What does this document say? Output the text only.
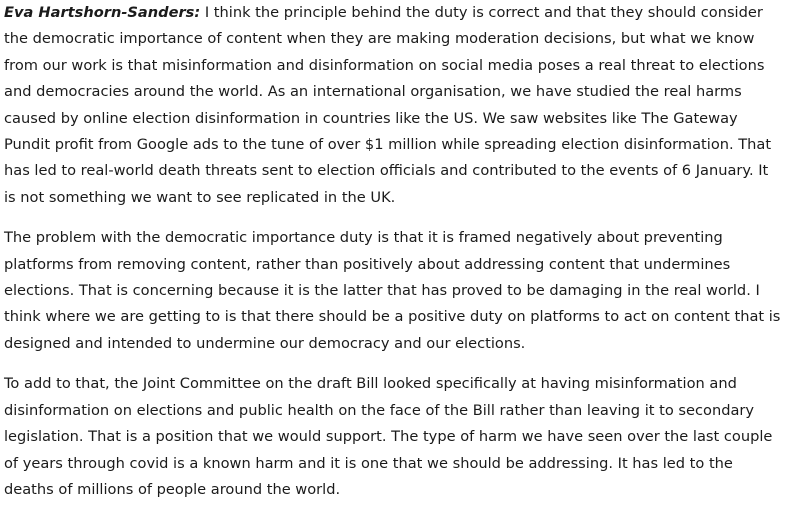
Eva Hartshorn-Sanders: I think the principle behind the duty is correct and that they should consider the democratic importance of content when they are making moderation decisions, but what we know from our work is that misinformation and disinformation on social media poses a real threat to elections and democracies around the world. As an international organisation, we have studied the real harms caused by online election disinformation in countries like the US. We saw websites like The Gateway Pundit profit from Google ads to the tune of over $1 million while spreading election disinformation. That has led to real-world death threats sent to election officials and contributed to the events of 6 January. It is not something we want to see replicated in the UK.

The problem with the democratic importance duty is that it is framed negatively about preventing platforms from removing content, rather than positively about addressing content that undermines elections. That is concerning because it is the latter that has proved to be damaging in the real world. I think where we are getting to is that there should be a positive duty on platforms to act on content that is designed and intended to undermine our democracy and our elections.

To add to that, the Joint Committee on the draft Bill looked specifically at having misinformation and disinformation on elections and public health on the face of the Bill rather than leaving it to secondary legislation. That is a position that we would support. The type of harm we have seen over the last couple of years through covid is a known harm and it is one that we should be addressing. It has led to the deaths of millions of people around the world.
